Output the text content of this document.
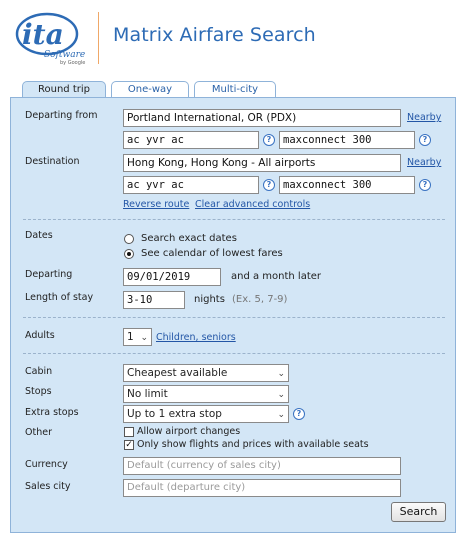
ita
Software
by Google
Matrix Airfare Search
Round trip	One-way	Multi-city
Departing from	Portland International, OR (PDX)	Nearby
ac yvr ac	?	maxconnect 300	?
Destination	Hong Kong, Hong Kong - All airports	Nearby
ac yvr ac	?	maxconnect 300	?
Reverse route Clear advanced controls
Dates	Search exact dates
See calendar of lowest fares
Departing	09/01/2019	and a month later
Length of stay	3-10	nights (Ex. 5, 7-9)
Adults	1 ⌄ Children, seniors
Cabin	Cheapest available	⌄
Stops	No limit	⌄
Extra stops	Up to 1 extra stop	⌄	?
Other	Allow airport changes
✓ Only show flights and prices with available seats
Currency	Default (currency of sales city)
Sales city	Default (departure city)
Search
